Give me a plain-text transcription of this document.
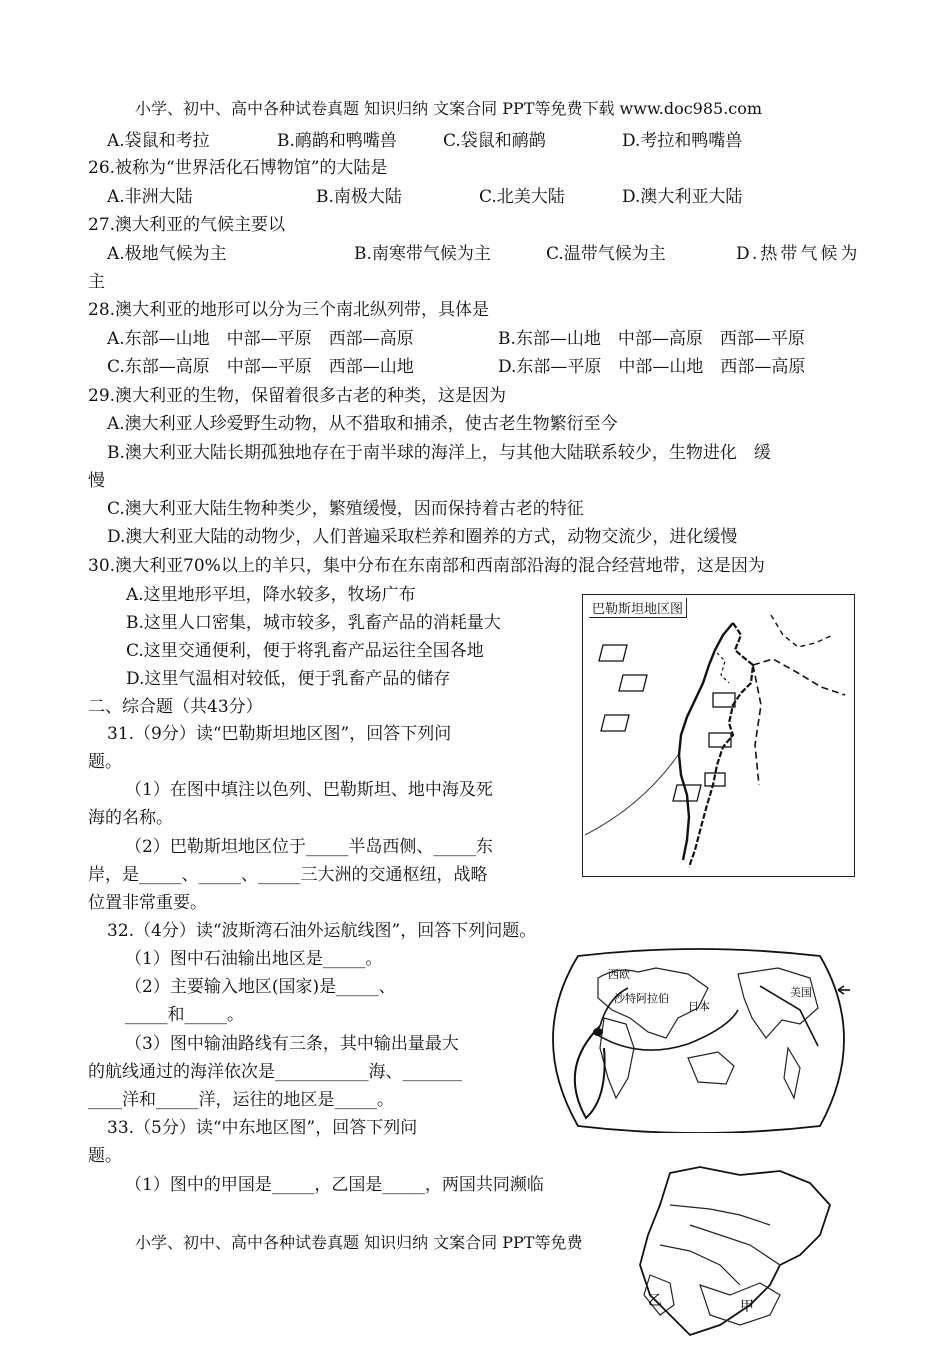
小学、初中、高中各种试卷真题 知识归纳 文案合同 PPT等免费下载 www.doc985.com
A.袋鼠和考拉	B.鸸鹋和鸭嘴兽	C.袋鼠和鸸鹋	D.考拉和鸭嘴兽
26.被称为“世界活化石博物馆”的大陆是
A.非洲大陆	B.南极大陆	C.北美大陆	D.澳大利亚大陆
27.澳大利亚的气候主要以
A.极地气候为主	B.南寒带气候为主	C.温带气候为主	D.热带气候为
主
28.澳大利亚的地形可以分为三个南北纵列带，具体是
A.东部—山地　中部—平原　西部—高原	B.东部—山地　中部—高原　西部—平原
C.东部—高原　中部—平原　西部—山地	D.东部—平原　中部—山地　西部—高原
29.澳大利亚的生物，保留着很多古老的种类，这是因为
A.澳大利亚人珍爱野生动物，从不猎取和捕杀，使古老生物繁衍至今
B.澳大利亚大陆长期孤独地存在于南半球的海洋上，与其他大陆联系较少，生物进化　缓
慢
C.澳大利亚大陆生物种类少，繁殖缓慢，因而保持着古老的特征
D.澳大利亚大陆的动物少，人们普遍采取栏养和圈养的方式，动物交流少，进化缓慢
30.澳大利亚70%以上的羊只，集中分布在东南部和西南部沿海的混合经营地带，这是因为
A.这里地形平坦，降水较多，牧场广布
B.这里人口密集，城市较多，乳畜产品的消耗量大
C.这里交通便利，便于将乳畜产品运往全国各地
D.这里气温相对较低，便于乳畜产品的储存
二、综合题（共43分）
31.（9分）读“巴勒斯坦地区图”，回答下列问
题。
（1）在图中填注以色列、巴勒斯坦、地中海及死
海的名称。
（2）巴勒斯坦地区位于_____半岛西侧、_____东
岸，是_____、_____、_____三大洲的交通枢纽，战略
位置非常重要。
32.（4分）读“波斯湾石油外运航线图”，回答下列问题。
（1）图中石油输出地区是_____。
（2）主要输入地区(国家)是_____、
_____和_____。
（3）图中输油路线有三条，其中输出量最大
的航线通过的海洋依次是___________海、_______
____洋和_____洋，运往的地区是_____。
33.（5分）读“中东地区图”，回答下列问
题。
（1）图中的甲国是_____，乙国是_____，两国共同濒临
小学、初中、高中各种试卷真题 知识归纳 文案合同 PPT等免费
巴勒斯坦地区图
西欧
沙特阿拉伯
日本
美国
乙	甲
